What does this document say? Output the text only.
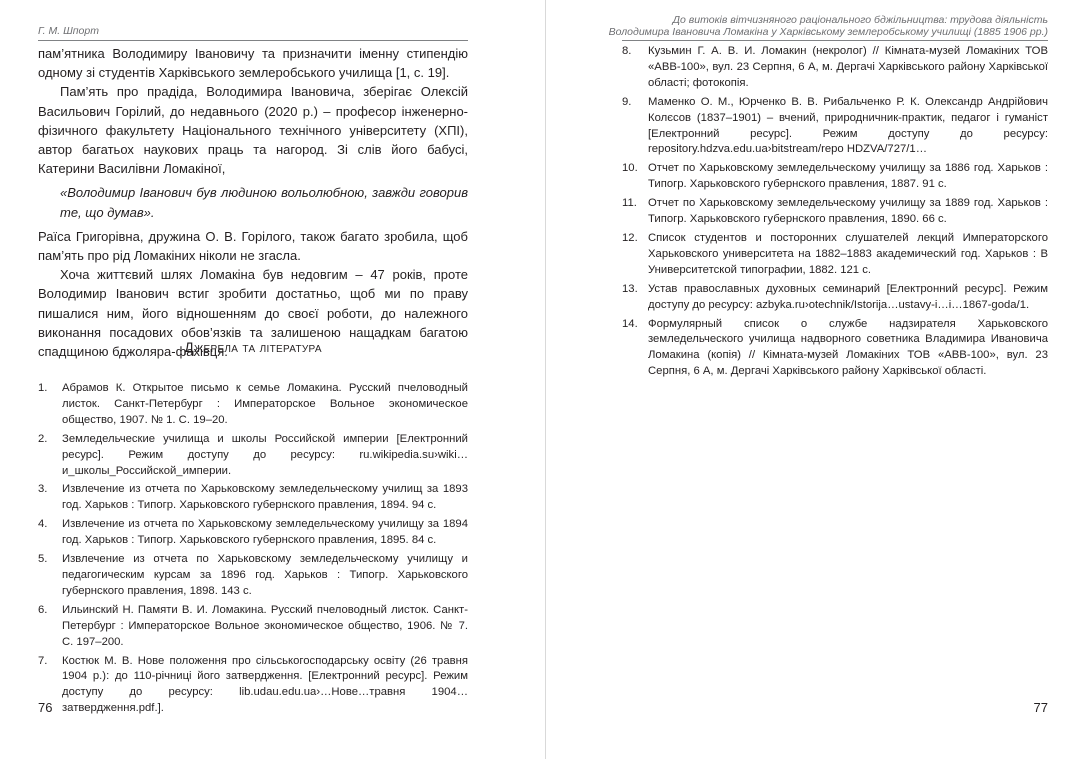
Г. М. Шпорт

пам’ятника Володимиру Івановичу та призначити іменну стипендію одному зі студентів Харківського землеробського училища [1, с. 19].

Пам’ять про прадіда, Володимира Івановича, зберігає Олексій Васильович Горілий, до недавнього (2020 р.) – професор інженерно-фізичного факультету Національного технічного університету (ХПІ), автор багатьох наукових праць та нагород. Зі слів його бабусі, Катерини Василівни Ломакіної,

«Володимир Іванович був людиною вольолюбною, завжди говорив те, що думав».

Раїса Григорівна, дружина О. В. Горілого, також багато зробила, щоб пам’ять про рід Ломакіних ніколи не згасла.

Хоча життєвий шлях Ломакіна був недовгим – 47 років, проте Володимир Іванович встиг зробити достатньо, щоб ми по праву пишалися ним, його відношенням до своєї роботи, до належного виконання посадових обов’язків та залишеною нащадкам багатою спадщиною бджоляра-фахівця.

Джерела та література
1. Абрамов К. Открытое письмо к семье Ломакина. Русский пчеловодный листок. Санкт-Петербург : Императорское Вольное экономическое общество, 1907. № 1. С. 19–20.
2. Земледельческие училища и школы Российской империи [Електронний ресурс]. Режим доступу до ресурсу: ru.wikipedia.su›wiki…и_школы_Российской_империи.
3. Извлечение из отчета по Харьковскому земледельческому училищ за 1893 год. Харьков : Типогр. Харьковского губернского правления, 1894. 94 с.
4. Извлечение из отчета по Харьковскому земледельческому училищу за 1894 год. Харьков : Типогр. Харьковского губернского правления, 1895. 84 с.
5. Извлечение из отчета по Харьковскому земледельческому училищу и педагогическим курсам за 1896 год. Харьков : Типогр. Харьковского губернского правления, 1898. 143 с.
6. Ильинский Н. Памяти В. И. Ломакина. Русский пчеловодный листок. Санкт-Петербург : Императорское Вольное экономическое общество, 1906. № 7. С. 197–200.
7. Костюк М. В. Нове положення про сільськогосподарську освіту (26 травня 1904 р.): до 110-річниці його затвердження. [Електронний ресурс]. Режим доступу до ресурсу: lib.udau.edu.ua›…Нове…травня 1904…затвердження.pdf.].
76
До витоків вітчизняного раціонального бджільництва: трудова діяльність
Володимира Івановича Ломакіна у Харківському землеробському училищі (1885 1906 рр.)
8. Кузьмин Г. А. В. И. Ломакин (некролог) // Кімната-музей Ломакіних ТОВ «АВВ-100», вул. 23 Серпня, 6 А, м. Дергачі Харківського району Харківської області; фотокопія.
9. Маменко О. М., Юрченко В. В. Рибальченко Р. К. Олександр Андрійович Колєсов (1837–1901) – вчений, природничник-практик, педагог і гуманіст [Електронний ресурс]. Режим доступу до ресурсу: repository.hdzva.edu.ua›bitstream/repo HDZVA/727/1…
10. Отчет по Харьковскому земледельческому училищу за 1886 год. Харьков : Типогр. Харьковского губернского правления, 1887. 91 с.
11. Отчет по Харьковскому земледельческому училищу за 1889 год. Харьков : Типогр. Харьковского губернского правления, 1890. 66 с.
12. Список студентов и посторонних слушателей лекций Императорского Харьковского университета на 1882–1883 академический год. Харьков : В Университетской типографии, 1882. 121 с.
13. Устав православных духовных семинарий [Електронний ресурс]. Режим доступу до ресурсу: azbyka.ru›otechnik/Istorija…ustavy-i…i…1867-goda/1.
14. Формулярный список о службе надзирателя Харьковского земледельческого училища надворного советника Владимира Ивановича Ломакина (копія) // Кімната-музей Ломакіних ТОВ «АВВ-100», вул. 23 Серпня, 6 А, м. Дергачі Харківського району Харківської області.
77
